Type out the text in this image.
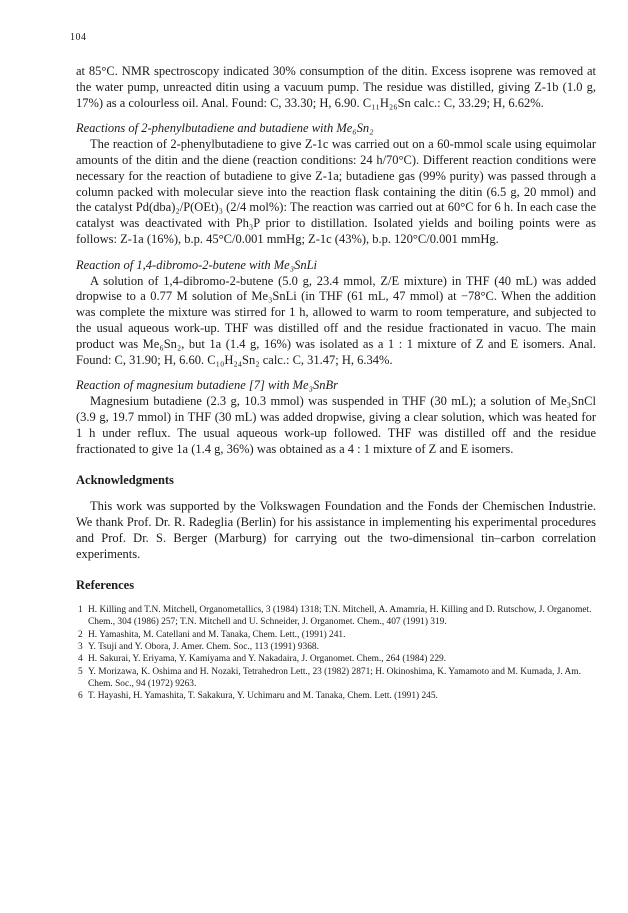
104

at 85°C. NMR spectroscopy indicated 30% consumption of the ditin. Excess isoprene was removed at the water pump, unreacted ditin using a vacuum pump. The residue was distilled, giving Z-1b (1.0 g, 17%) as a colourless oil. Anal. Found: C, 33.30; H, 6.90. C₁₁H₂₆Sn calc.: C, 33.29; H, 6.62%.

Reactions of 2-phenylbutadiene and butadiene with Me₆Sn₂

The reaction of 2-phenylbutadiene to give Z-1c was carried out on a 60-mmol scale using equimolar amounts of the ditin and the diene (reaction conditions: 24 h/70°C). Different reaction conditions were necessary for the reaction of butadiene to give Z-1a; butadiene gas (99% purity) was passed through a column packed with molecular sieve into the reaction flask containing the ditin (6.5 g, 20 mmol) and the catalyst Pd(dba)₂/P(OEt)₃ (2/4 mol%): The reaction was carried out at 60°C for 6 h. In each case the catalyst was deactivated with Ph₃P prior to distillation. Isolated yields and boiling points were as follows: Z-1a (16%), b.p. 45°C/0.001 mmHg; Z-1c (43%), b.p. 120°C/0.001 mmHg.

Reaction of 1,4-dibromo-2-butene with Me₃SnLi

A solution of 1,4-dibromo-2-butene (5.0 g, 23.4 mmol, Z/E mixture) in THF (40 mL) was added dropwise to a 0.77 M solution of Me₃SnLi (in THF (61 mL, 47 mmol) at −78°C. When the addition was complete the mixture was stirred for 1 h, allowed to warm to room temperature, and subjected to the usual aqueous work-up. THF was distilled off and the residue fractionated in vacuo. The main product was Me₆Sn₂, but 1a (1.4 g, 16%) was isolated as a 1 : 1 mixture of Z and E isomers. Anal. Found: C, 31.90; H, 6.60. C₁₀H₂₄Sn₂ calc.: C, 31.47; H, 6.34%.

Reaction of magnesium butadiene [7] with Me₃SnBr

Magnesium butadiene (2.3 g, 10.3 mmol) was suspended in THF (30 mL); a solution of Me₃SnCl (3.9 g, 19.7 mmol) in THF (30 mL) was added dropwise, giving a clear solution, which was heated for 1 h under reflux. The usual aqueous work-up followed. THF was distilled off and the residue fractionated to give 1a (1.4 g, 36%) was obtained as a 4 : 1 mixture of Z and E isomers.

Acknowledgments

This work was supported by the Volkswagen Foundation and the Fonds der Chemischen Industrie. We thank Prof. Dr. R. Radeglia (Berlin) for his assistance in implementing his experimental procedures and Prof. Dr. S. Berger (Marburg) for carrying out the two-dimensional tin–carbon correlation experiments.

References

1 H. Killing and T.N. Mitchell, Organometallics, 3 (1984) 1318; T.N. Mitchell, A. Amamria, H. Killing and D. Rutschow, J. Organomet. Chem., 304 (1986) 257; T.N. Mitchell and U. Schneider, J. Organomet. Chem., 407 (1991) 319.
2 H. Yamashita, M. Catellani and M. Tanaka, Chem. Lett., (1991) 241.
3 Y. Tsuji and Y. Obora, J. Amer. Chem. Soc., 113 (1991) 9368.
4 H. Sakurai, Y. Eriyama, Y. Kamiyama and Y. Nakadaira, J. Organomet. Chem., 264 (1984) 229.
5 Y. Morizawa, K. Oshima and H. Nozaki, Tetrahedron Lett., 23 (1982) 2871; H. Okinoshima, K. Yamamoto and M. Kumada, J. Am. Chem. Soc., 94 (1972) 9263.
6 T. Hayashi, H. Yamashita, T. Sakakura, Y. Uchimaru and M. Tanaka, Chem. Lett. (1991) 245.
